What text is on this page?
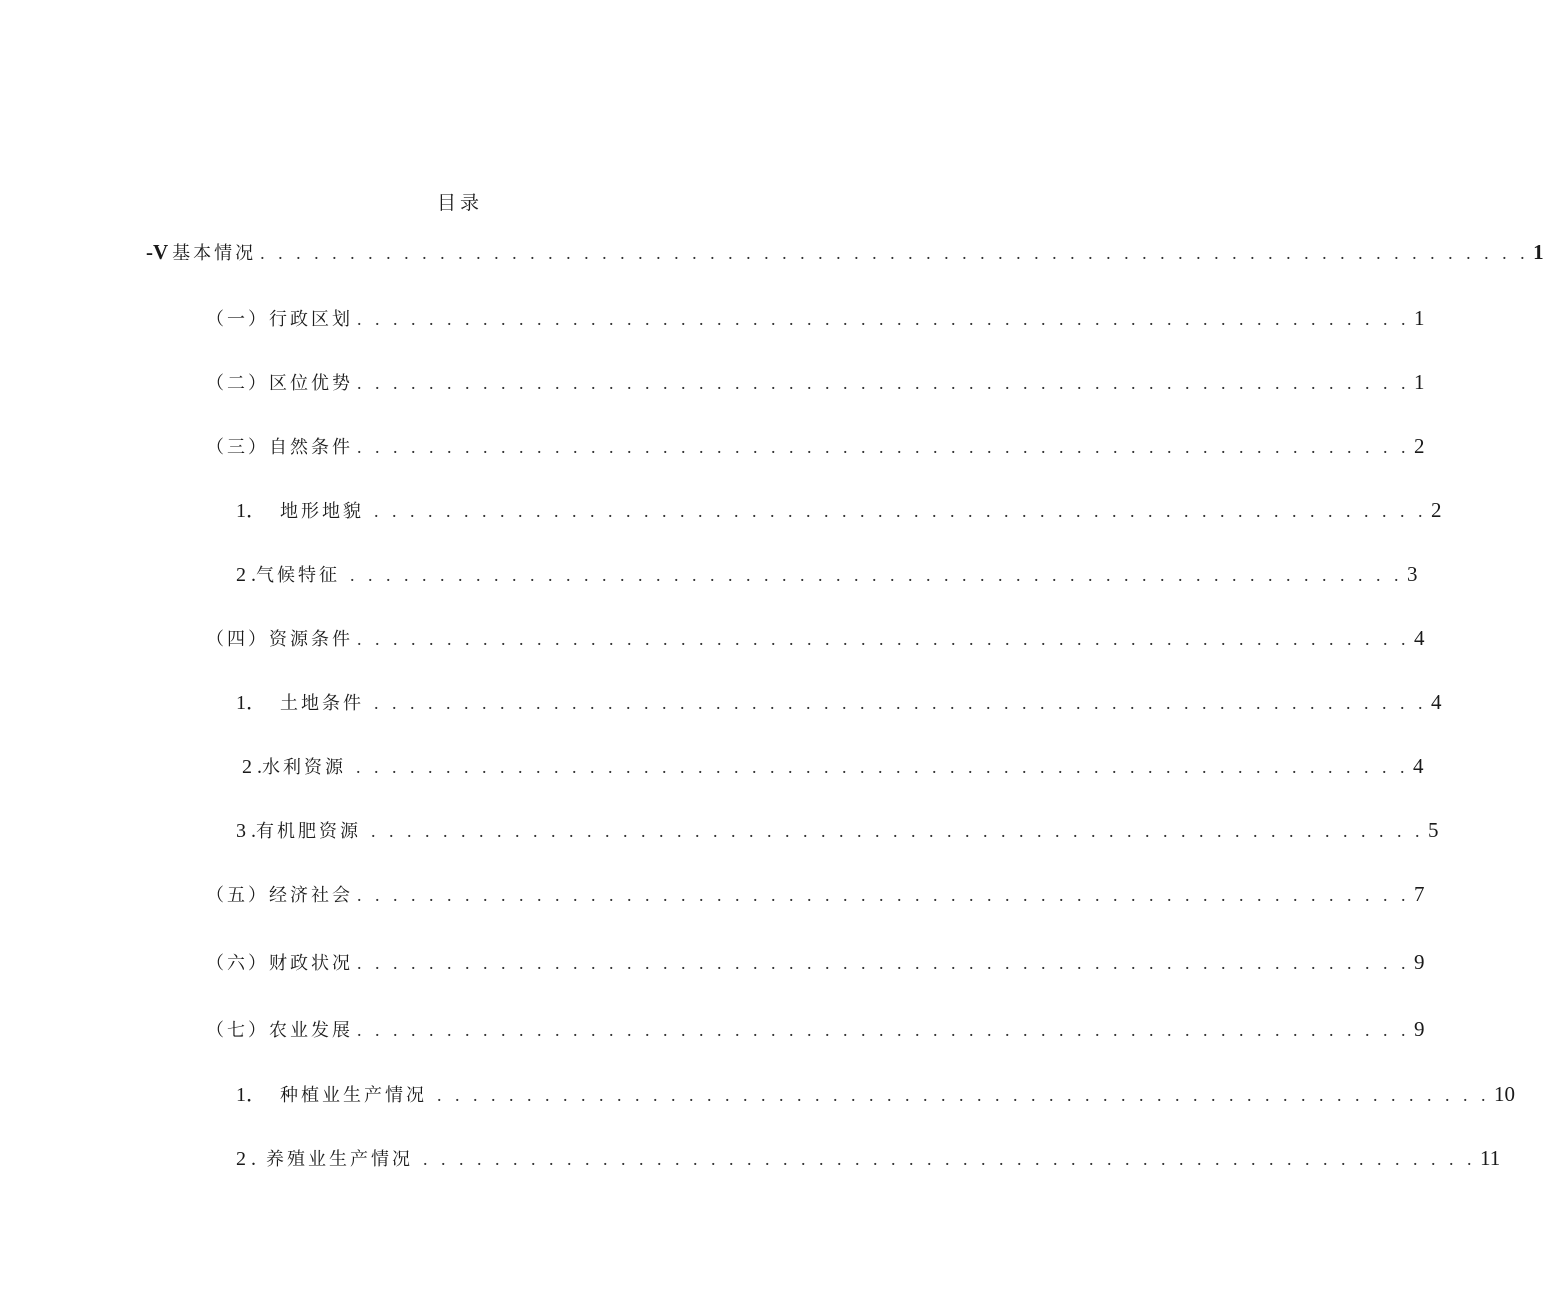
目录
-V 基本情况 . . . . . . . . . . . . . . . . . . . . . . . . . . . . . . . . . . . . . . . . . . . . . . . . . . . . . . . . . . . . . . . . . . . . . . . 1
（一） 行政区划 . . . . . . . . . . . . . . . . . . . . . . . . . . . . . . . . . . . . . . . . . . . . . . . . . . . . . . . . . . . 1
（二） 区位优势 . . . . . . . . . . . . . . . . . . . . . . . . . . . . . . . . . . . . . . . . . . . . . . . . . . . . . . . . . . . 1
（三） 自然条件 . . . . . . . . . . . . . . . . . . . . . . . . . . . . . . . . . . . . . . . . . . . . . . . . . . . . . . . . . . . 2
1． 地形地貌 . . . . . . . . . . . . . . . . . . . . . . . . . . . . . . . . . . . . . . . . . . . . . . . . . . . . . . . . . . . 2
2 . 气候特征 . . . . . . . . . . . . . . . . . . . . . . . . . . . . . . . . . . . . . . . . . . . . . . . . . . . . . . . . . . . 3
（四） 资源条件 . . . . . . . . . . . . . . . . . . . . . . . . . . . . . . . . . . . . . . . . . . . . . . . . . . . . . . . . . . . 4
1． 土地条件 . . . . . . . . . . . . . . . . . . . . . . . . . . . . . . . . . . . . . . . . . . . . . . . . . . . . . . . . . . . 4
2 . 水利资源 . . . . . . . . . . . . . . . . . . . . . . . . . . . . . . . . . . . . . . . . . . . . . . . . . . . . . . . . . . . 4
3 . 有机肥资源 . . . . . . . . . . . . . . . . . . . . . . . . . . . . . . . . . . . . . . . . . . . . . . . . . . . . . . . . . . . 5
（五） 经济社会 . . . . . . . . . . . . . . . . . . . . . . . . . . . . . . . . . . . . . . . . . . . . . . . . . . . . . . . . . . . 7
（六） 财政状况 . . . . . . . . . . . . . . . . . . . . . . . . . . . . . . . . . . . . . . . . . . . . . . . . . . . . . . . . . . . 9
（七） 农业发展 . . . . . . . . . . . . . . . . . . . . . . . . . . . . . . . . . . . . . . . . . . . . . . . . . . . . . . . . . . . 9
1． 种植业生产情况 . . . . . . . . . . . . . . . . . . . . . . . . . . . . . . . . . . . . . . . . . . . . . . . . . . . . . . . . . . . 10
2 . 养殖业生产情况 . . . . . . . . . . . . . . . . . . . . . . . . . . . . . . . . . . . . . . . . . . . . . . . . . . . . . . . . . . . 11
